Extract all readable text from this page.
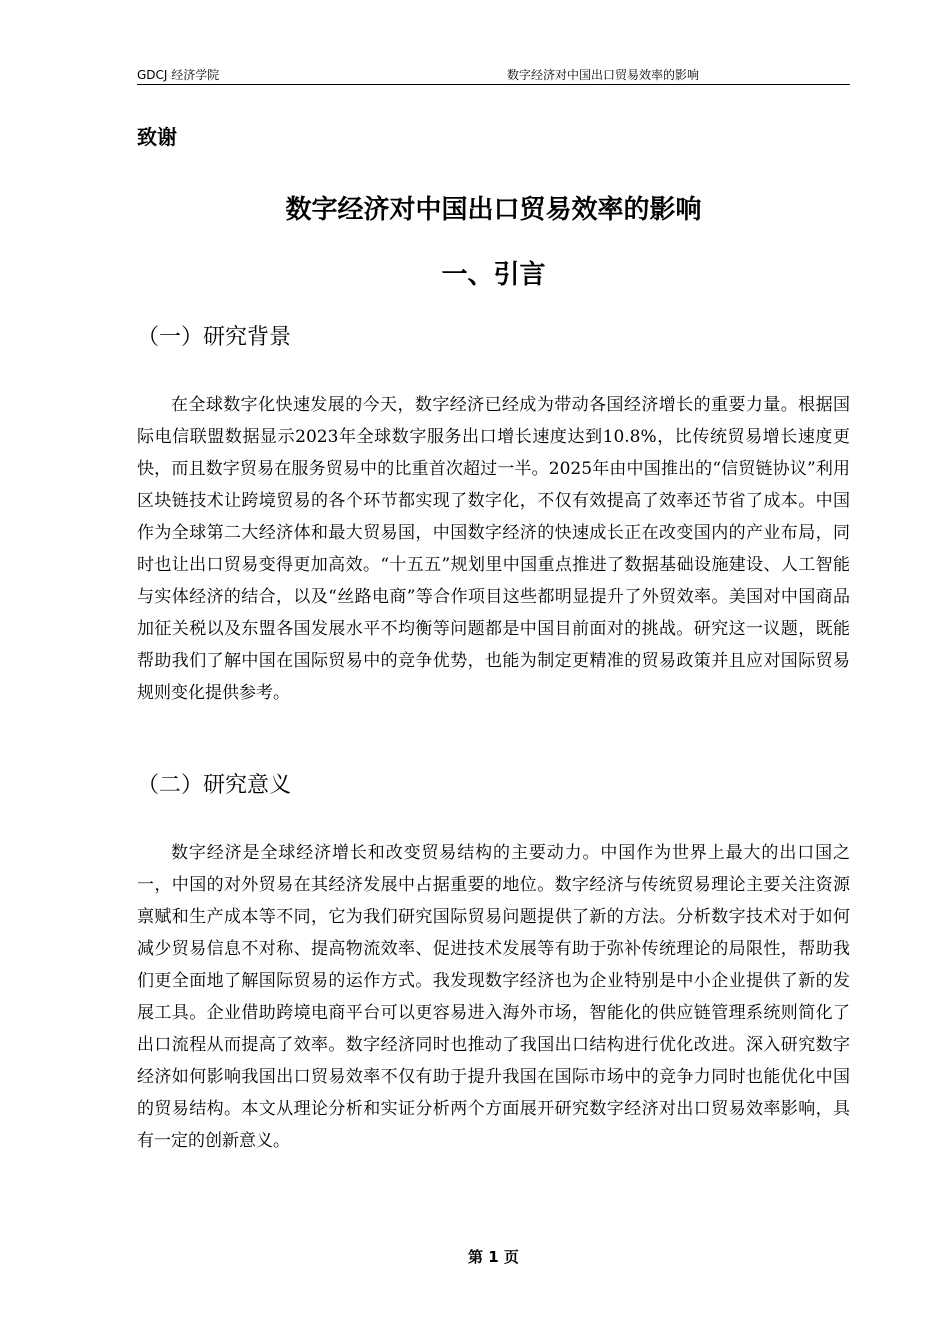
GDCJ 经济学院	数字经济对中国出口贸易效率的影响
致谢
数字经济对中国出口贸易效率的影响
一、引言
（一）研究背景

在全球数字化快速发展的今天，数字经济已经成为带动各国经济增长的重要力量。根据国际电信联盟数据显示2023年全球数字服务出口增长速度达到10.8%，比传统贸易增长速度更快，而且数字贸易在服务贸易中的比重首次超过一半。2025年由中国推出的“信贸链协议”利用区块链技术让跨境贸易的各个环节都实现了数字化，不仅有效提高了效率还节省了成本。中国作为全球第二大经济体和最大贸易国，中国数字经济的快速成长正在改变国内的产业布局，同时也让出口贸易变得更加高效。“十五五”规划里中国重点推进了数据基础设施建设、人工智能与实体经济的结合，以及“丝路电商”等合作项目这些都明显提升了外贸效率。美国对中国商品加征关税以及东盟各国发展水平不均衡等问题都是中国目前面对的挑战。研究这一议题，既能帮助我们了解中国在国际贸易中的竞争优势，也能为制定更精准的贸易政策并且应对国际贸易规则变化提供参考。

（二）研究意义

数字经济是全球经济增长和改变贸易结构的主要动力。中国作为世界上最大的出口国之一，中国的对外贸易在其经济发展中占据重要的地位。数字经济与传统贸易理论主要关注资源禀赋和生产成本等不同，它为我们研究国际贸易问题提供了新的方法。分析数字技术对于如何减少贸易信息不对称、提高物流效率、促进技术发展等有助于弥补传统理论的局限性，帮助我们更全面地了解国际贸易的运作方式。我发现数字经济也为企业特别是中小企业提供了新的发展工具。企业借助跨境电商平台可以更容易进入海外市场，智能化的供应链管理系统则简化了出口流程从而提高了效率。数字经济同时也推动了我国出口结构进行优化改进。深入研究数字经济如何影响我国出口贸易效率不仅有助于提升我国在国际市场中的竞争力同时也能优化中国的贸易结构。本文从理论分析和实证分析两个方面展开研究数字经济对出口贸易效率影响，具有一定的创新意义。

第 1 页
